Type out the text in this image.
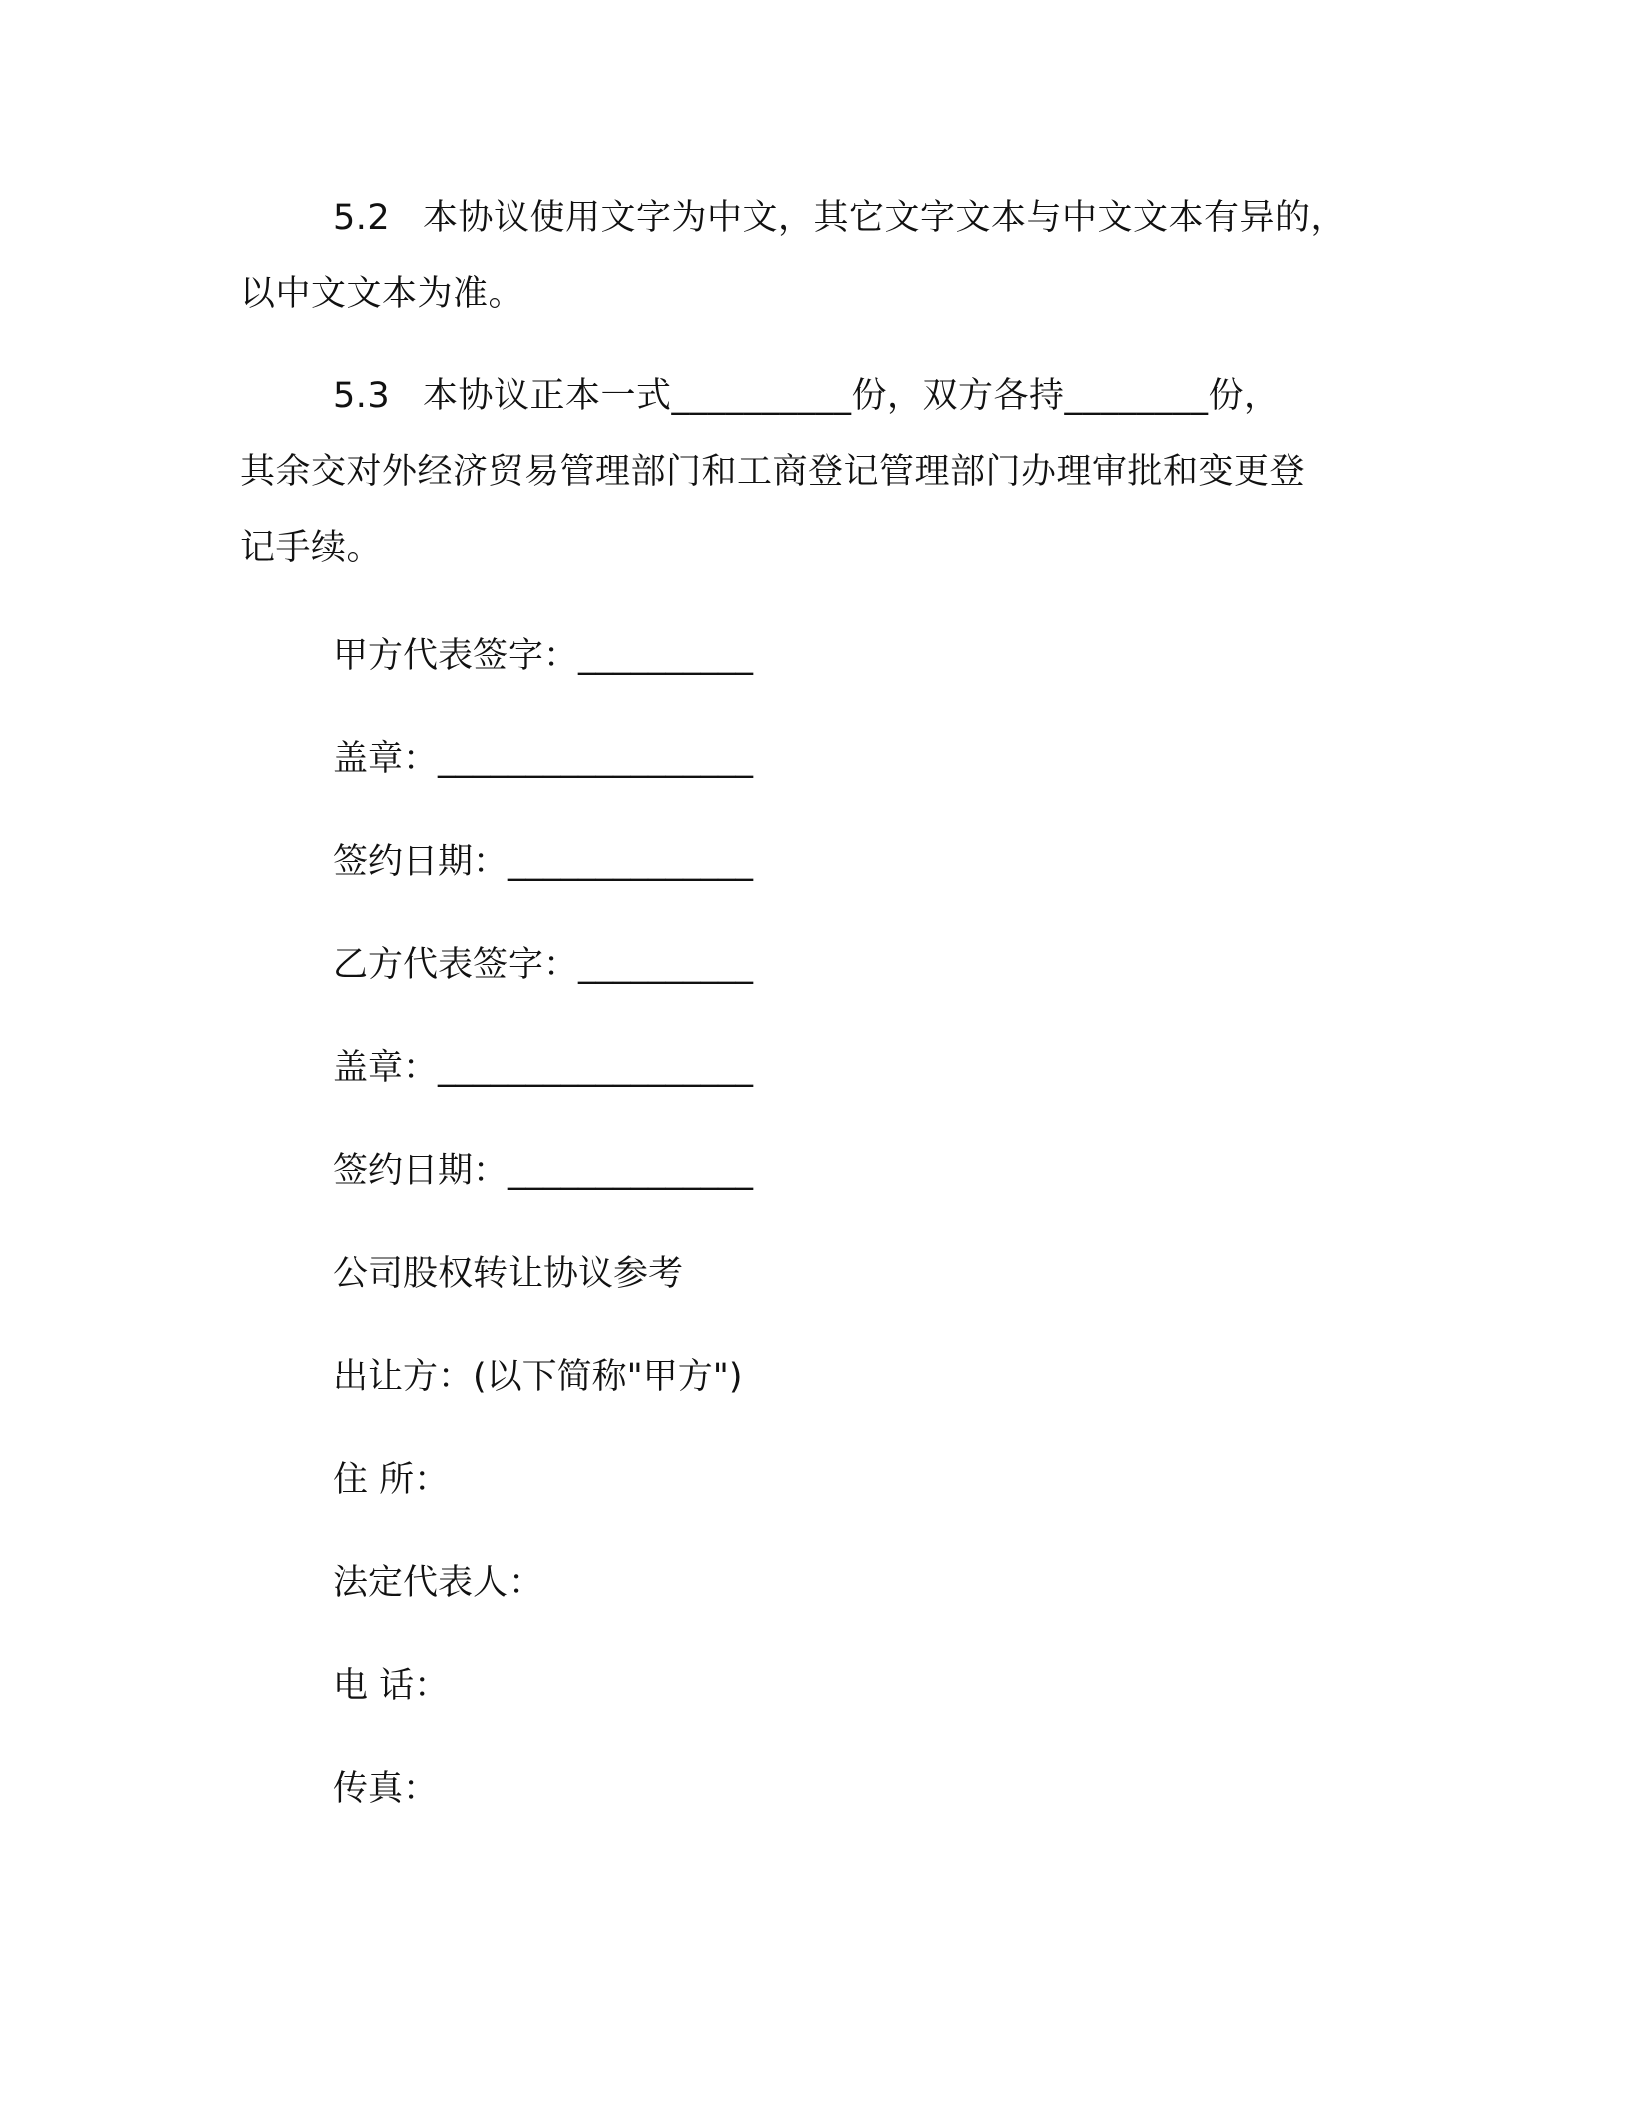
5.2 本协议使用文字为中文，其它文字文本与中文文本有异的，

以中文文本为准。

5.3 本协议正本一式__________份，双方各持________份，

其余交对外经济贸易管理部门和工商登记管理部门办理审批和变更登

记手续。

甲方代表签字：__________

盖章：__________________

签约日期：______________

乙方代表签字：__________

盖章：__________________

签约日期：______________

公司股权转让协议参考

出让方：(以下简称"甲方")

住 所：

法定代表人：

电 话：

传真：
